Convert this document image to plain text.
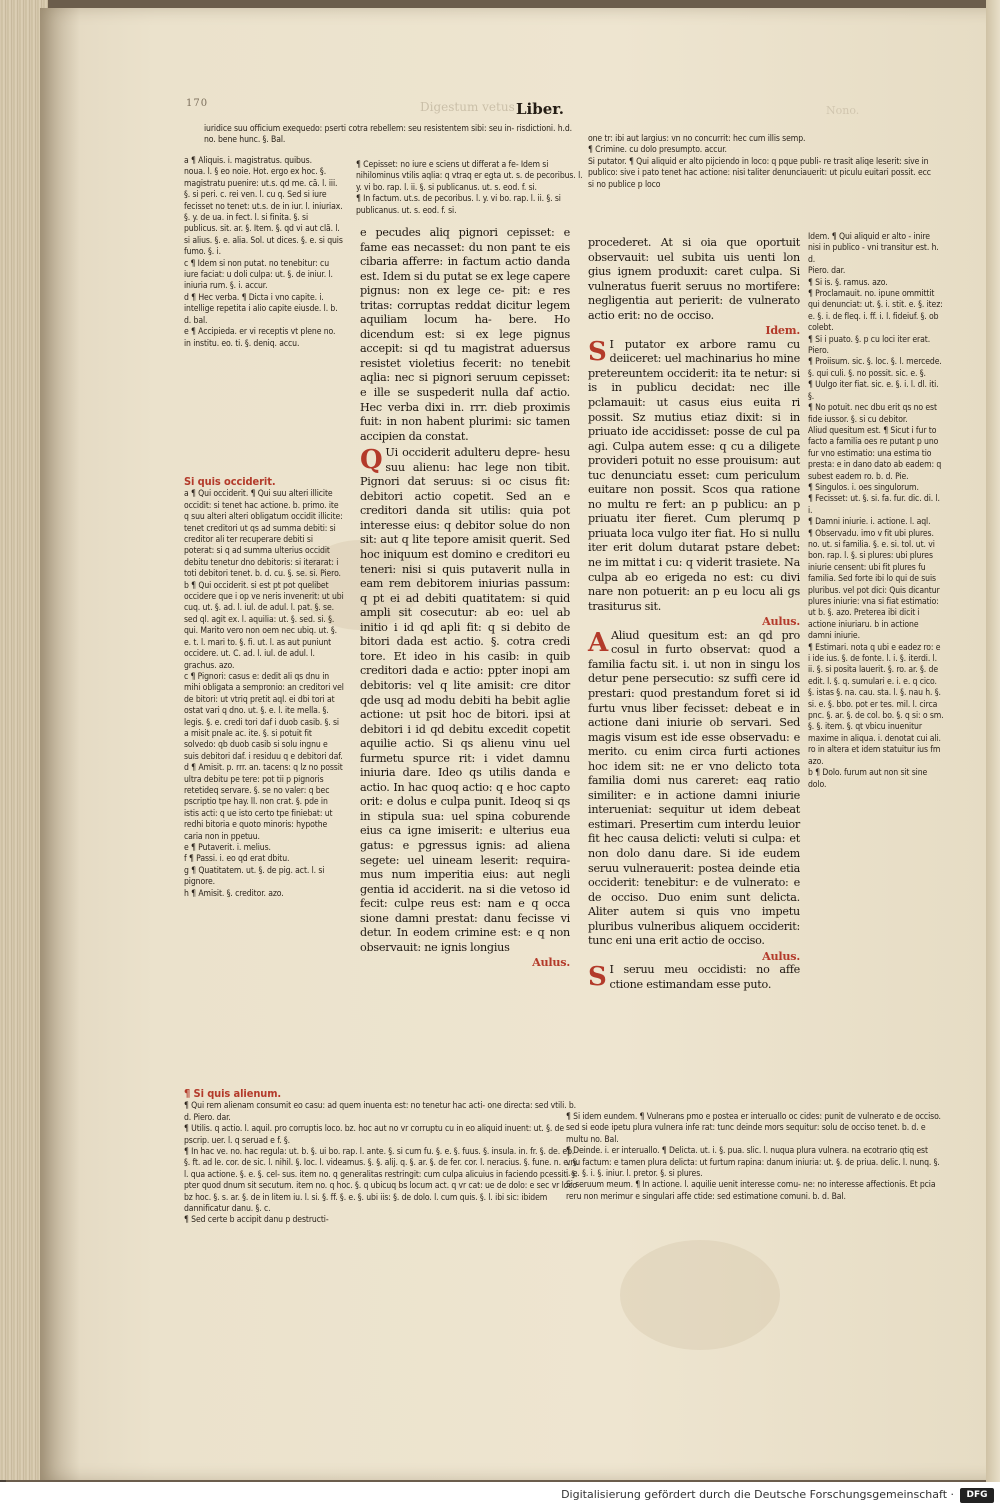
170	Digestum vetus Liber.	Nono.

iuridice suu officium exequedo: pserti cotra rebellem: seu resistentem sibi: seu in- risdictioni. h.d. no. bene hunc. §. Bal.

a ¶ Aliquis. i. magistratus. quibus.

noua. l. § eo noie. Hot. ergo ex hoc. §. magistratu puenire: ut.s. qd me. cã. l. iii. §. si peri. c. rei ven. l. cu q. Sed si iure fecisset no tenet: ut.s. de in iur. l. iniuriax. §. y. de ua. in fect. l. si finita. §. si publicus. sit. ar. §. Item. §. qd vi aut clã. l. si alius. §. e. alia. Sol. ut dices. §. e. si quis fumo. §. i.

c ¶ Idem si non putat. no tenebitur: cu iure faciat: u doli culpa: ut. §. de iniur. l. iniuria rum. §. i. accur.

d ¶ Hec verba. ¶ Dicta i vno capite. i. intellige repetita i alio capite eiusde. l. b. d. bal.

e ¶ Accipieda. er vi receptis vt plene no. in institu. eo. ti. §. deniq. accu.

¶ Cepisset: no iure e sciens ut differat a fe- Idem si nihilominus vtilis aqlia: q vtraq er egta ut. s. de pecoribus. l. y. vi bo. rap. l. ii. §. si publicanus. ut. s. eod. f. si.

¶ In factum. ut.s. de pecoribus. l. y. vi bo. rap. l. ii. §. si publicanus. ut. s. eod. f. si.

Si quis occiderit.

a ¶ Qui occiderit. ¶ Qui suu alteri illicite occidit: si tenet hac actione. b. primo. ite q suu alteri alteri obligatum occidit illicite: tenet creditori ut qs ad summa debiti: si creditor ali ter recuperare debiti si poterat: si q ad summa ulterius occidit debitu tenetur dno debitoris: si iterarat: i toti debitori tenet. b. d. cu. §. se. si. Piero.

b ¶ Qui occiderit. si est pt pot quelibet occidere que i op ve neris invenerit: ut ubi cuq. ut. §. ad. l. iul. de adul. l. pat. §. se. sed ql. agit ex. l. aquilia: ut. §. sed. si. §. qui. Marito vero non oem nec ubiq. ut. §. e. t. l. mari to. §. fi. ut. l. as aut puniunt occidere. ut. C. ad. l. iul. de adul. l. grachus. azo.

c ¶ Pignori: casus e: dedit ali qs dnu in mihi obligata a sempronio: an creditori vel de bitori: ut vtriq pretit aql. ei dbi tori at ostat vari q dno. ut. §. e. l. ite mella. §. legis. §. e. credi tori daf i duob casib. §. si a misit pnale ac. ite. §. si potuit fit solvedo: qb duob casib si solu ingnu e suis debitori daf. i residuu q e debitori daf.

d ¶ Amisit. p. rrr. an. tacens: q lz no possit ultra debitu pe tere: pot tii p pignoris retetideq servare. §. se no valer: q bec pscriptio tpe hay. ll. non crat. §. pde in istis acti: q ue isto certo tpe finiebat: ut redhi bitoria e quoto minoris: hypothe caria non in ppetuu.

e ¶ Putaverit. i. melius.

f ¶ Passi. i. eo qd erat dbitu.

g ¶ Quatitatem. ut. §. de pig. act. l. si pignore.

h ¶ Amisit. §. creditor. azo.

e pecudes aliq pignori cepisset: e fame eas necasset: du non pant te eis cibaria afferre: in factum actio danda est. Idem si du putat se ex lege capere pignus: non ex lege ce- pit: e res tritas: corruptas reddat dicitur legem aquiliam locum ha- bere. Ho dicendum est: si ex lege pignus accepit: si qd tu magistrat aduersus resistet violetius fecerit: no tenebit aqlia: nec si pignori seruum cepisset: e ille se suspederit nulla daf actio. Hec verba dixi in. rrr. dieb proximis fuit: in non habent plurimi: sic tamen accipien da constat.

Q Ui occiderit adulteru depre- hesu suu alienu: hac lege non tibit. Pignori dat seruus: si oc cisus fit: debitori actio copetit. Sed an e creditori danda sit utilis: quia pot interesse eius: q debitor solue do non sit: aut q lite tepore amisit querit. Sed hoc iniquum est domino e creditori eu teneri: nisi si quis putaverit nulla in eam rem debitorem iniurias passum: q pt ei ad debiti quatitatem: si quid ampli sit cosecutur: ab eo: uel ab initio i id qd apli fit: q si debito de bitori dada est actio. §. cotra credi tore. Et ideo in his casib: in quib creditori dada e actio: ppter inopi am debitoris: vel q lite amisit: cre ditor qde usq ad modu debiti ha bebit aglie actione: ut psit hoc de bitori. ipsi at debitori i id qd debitu excedit copetit aquilie actio. Si qs alienu vinu uel furmetu spurce rit: i videt damnu iniuria dare. Ideo qs utilis danda e actio. In hac quoq actio: q e hoc capto orit: e dolus e culpa punit. Ideoq si qs in stipula sua: uel spina coburende eius ca igne imiserit: e ulterius eua gatus: e pgressus ignis: ad aliena segete: uel uineam leserit: requira- mus num imperitia eius: aut negli gentia id acciderit. na si die vetoso id fecit: culpe reus est: nam e q occa sione damni prestat: danu fecisse vi detur. In eodem crimine est: e q non observauit: ne ignis longius

Aulus.

one tr: ibi aut largius: vn no concurrit: hec cum illis semp.

¶ Crimine. cu dolo presumpto. accur.

Si putator. ¶ Qui aliquid er alto pijciendo in loco: q pque publi- re trasit aliqe leserit: sive in publico: sive i pato tenet hac actione: nisi taliter denunciauerit: ut piculu euitari possit. ecc si no publice p loco

procederet. At si oia que oportuit observauit: uel subita uis uenti lon gius ignem produxit: caret culpa. Si vulneratus fuerit seruus no mortifere: negligentia aut perierit: de vulnerato actio erit: no de occiso.

Idem.

S I putator ex arbore ramu cu deiiceret: uel machinarius ho mine pretereuntem occiderit: ita te netur: si is in publicu decidat: nec ille pclamauit: ut casus eius euita ri possit. Sz mutius etiaz dixit: si in priuato ide accidisset: posse de cul pa agi. Culpa autem esse: q cu a diligete provideri potuit no esse prouisum: aut tuc denunciatu esset: cum periculum euitare non possit. Scos qua ratione no multu re fert: an p publicu: an p priuatu iter fieret. Cum plerumq p priuata loca vulgo iter fiat. Ho si nullu iter erit dolum dutarat pstare debet: ne im mittat i cu: q viderit trasiete. Na culpa ab eo erigeda no est: cu divi nare non potuerit: an p eu locu ali gs trasiturus sit.

Aulus.

A Aliud quesitum est: an qd pro cosul in furto observat: quod a familia factu sit. i. ut non in singu los detur pene persecutio: sz suffi cere id prestari: quod prestandum foret si id furtu vnus liber fecisset: debeat e in actione dani iniurie ob servari. Sed magis visum est ide esse observadu: e merito. cu enim circa furti actiones hoc idem sit: ne er vno delicto tota familia domi nus careret: eaq ratio similiter: e in actione damni iniurie interueniat: sequitur ut idem debeat estimari. Presertim cum interdu leuior fit hec causa delicti: veluti si culpa: et non dolo danu dare. Si ide eudem seruu vulnerauerit: postea deinde etia occiderit: tenebitur: e de vulnerato: e de occiso. Duo enim sunt delicta. Aliter autem si quis vno impetu pluribus vulneribus aliquem occiderit: tunc eni una erit actio de occiso.

Aulus.

S I seruu meu occidisti: no affe ctione estimandam esse puto.

Idem. ¶ Qui aliquid er alto - inire nisi in publico - vni transitur est. h. d.

Piero. dar.

¶ Si is. §. ramus. azo.

¶ Proclamauit. no. ipune ommittit qui denunciat: ut. §. i. stit. e. §. itez: e. §. i. de fleq. i. ff. i. l. fideiuf. §. ob colebt.

¶ Si i puato. §. p cu loci iter erat. Piero.

¶ Proiisum. sic. §. loc. §. l. mercede. §. qui culi. §. no possit. sic. e. §.

¶ Uulgo iter fiat. sic. e. §. i. l. dl. iti. §.

¶ No potuit. nec dbu erit qs no est fide iussor. §. si cu debitor.

Aliud quesitum est. ¶ Sicut i fur to facto a familia oes re putant p uno fur vno estimatio: una estima tio presta: e in dano dato ab eadem: q subest eadem ro. b. d. Pie.

¶ Singulos. i. oes singulorum.

¶ Fecisset: ut. §. si. fa. fur. dic. di. l. i.

¶ Damni iniurie. i. actione. l. aql.

¶ Observadu. imo v fit ubi plures. no. ut. si familia. §. e. si. tol. ut. vi bon. rap. l. §. si plures: ubi plures iniurie censent: ubi fit plures fu familia. Sed forte ibi lo qui de suis pluribus. vel pot dici: Quis dicantur plures iniurie: vna si fiat estimatio: ut b. §. azo. Preterea ibi dicit i actione iniuriaru. b in actione damni iniurie.

¶ Estimari. nota q ubi e eadez ro: e i ide ius. §. de fonte. l. i. §. iterdi. l. ii. §. si posita lauerit. §. ro. ar. §. de edit. l. §. q. sumulari e. i. e. q cico. §. istas §. na. cau. sta. l. §. nau h. §. si. e. §. bbo. pot er tes. mil. l. circa pnc. §. ar. §. de col. bo. §. q si: o sm. §. §. item. §. qt vbicu inuenitur maxime in aliqua. i. denotat cui ali. ro in altera et idem statuitur ius fm azo.

b ¶ Dolo. furum aut non sit sine dolo.

¶ Si quis alienum.

¶ Qui rem alienam consumit eo casu: ad quem inuenta est: no tenetur hac acti- one directa: sed vtili. b. d. Piero. dar.

¶ Utilis. q actio. l. aquil. pro corruptis loco. bz. hoc aut no vr corruptu cu in eo aliquid inuent: ut. §. de pscrip. uer. l. q seruad e f. §.

¶ In hac ve. no. hac regula: ut. b. §. ui bo. rap. l. ante. §. si cum fu. §. e. §. fuus. §. insula. in. fr. §. de. ep. §. ft. ad le. cor. de sic. l. nihil. §. loc. l. videamus. §. §. alij. q. §. ar. §. de fer. cor. l. neracius. §. fune. n. e. §. l. qua actione. §. e. §. cel- sus. item no. q generalitas restringit: cum culpa alicuius in faciendo pcessit. §. pter quod dnum sit secutum. item no. q hoc. §. q ubicuq bs locum act. q vr cat: ue de dolo: e sec vr loco bz hoc. §. s. ar. §. de in litem iu. l. si. §. ff. §. e. §. ubi iis: §. de dolo. l. cum quis. §. l. ibi sic: ibidem dannificatur danu. §. c.

¶ Sed certe b accipit danu p destructi-

¶ Si idem eundem. ¶ Vulnerans pmo e postea er interuallo oc cides: punit de vulnerato e de occiso. sed si eode ipetu plura vulnera infe rat: tunc deinde mors sequitur: solu de occiso tenet. b. d. e multu no. Bal.

¶ Deinde. i. er interuallo. ¶ Delicta. ut. i. §. pua. slic. l. nuqua plura vulnera. na ecotrario qtiq est vnu factum: e tamen plura delicta: ut furtum rapina: danum iniuria: ut. §. de priua. delic. l. nunq. §. i. e. §. i. §. iniur. l. pretor. §. si plures.

Si seruum meum. ¶ In actione. l. aquilie uenit interesse comu- ne: no interesse affectionis. Et pcia reru non merimur e singulari affe ctide: sed estimatione comuni. b. d. Bal.

Digitalisierung gefördert durch die Deutsche Forschungsgemeinschaft ·	DFG
